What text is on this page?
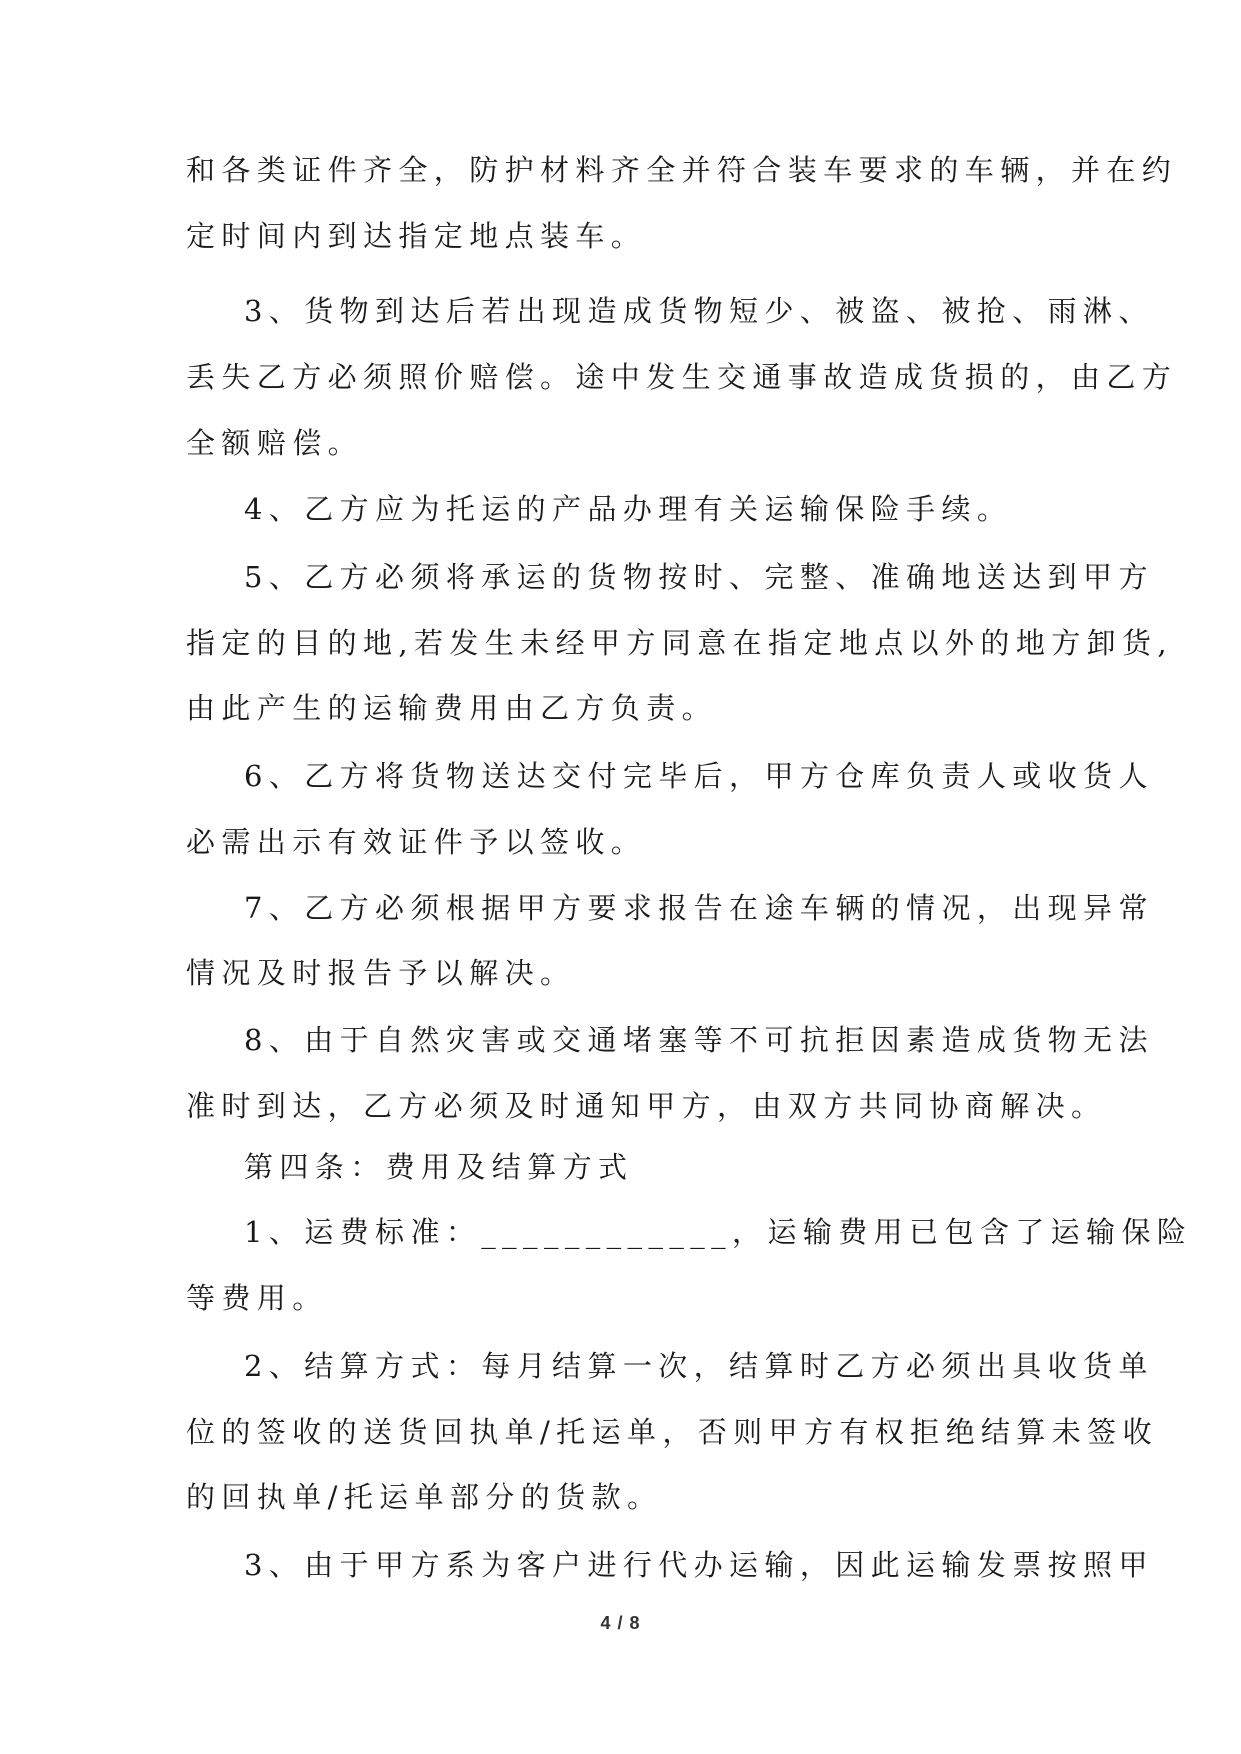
和各类证件齐全，防护材料齐全并符合装车要求的车辆，并在约
定时间内到达指定地点装车。
3、货物到达后若出现造成货物短少、被盗、被抢、雨淋、
丢失乙方必须照价赔偿。途中发生交通事故造成货损的，由乙方
全额赔偿。
4、乙方应为托运的产品办理有关运输保险手续。
5、乙方必须将承运的货物按时、完整、准确地送达到甲方
指定的目的地,若发生未经甲方同意在指定地点以外的地方卸货,
由此产生的运输费用由乙方负责。
6、乙方将货物送达交付完毕后，甲方仓库负责人或收货人
必需出示有效证件予以签收。
7、乙方必须根据甲方要求报告在途车辆的情况，出现异常
情况及时报告予以解决。
8、由于自然灾害或交通堵塞等不可抗拒因素造成货物无法
准时到达，乙方必须及时通知甲方，由双方共同协商解决。
第四条：费用及结算方式
1、运费标准：____________，运输费用已包含了运输保险
等费用。
2、结算方式：每月结算一次，结算时乙方必须出具收货单
位的签收的送货回执单/托运单，否则甲方有权拒绝结算未签收
的回执单/托运单部分的货款。
3、由于甲方系为客户进行代办运输，因此运输发票按照甲
4 / 8
